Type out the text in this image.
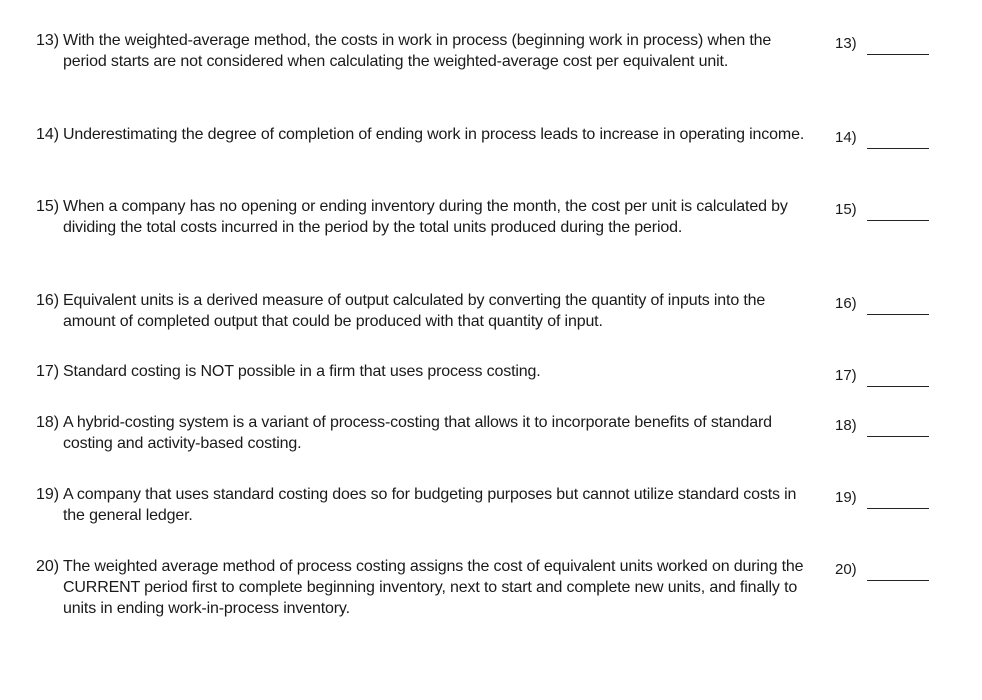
13) With the weighted-average method, the costs in work in process (beginning work in process) when the period starts are not considered when calculating the weighted-average cost per equivalent unit.
13)
14) Underestimating the degree of completion of ending work in process leads to increase in operating income.	14)
15) When a company has no opening or ending inventory during the month, the cost per unit is calculated by dividing the total costs incurred in the period by the total units produced during the period.
15)
16) Equivalent units is a derived measure of output calculated by converting the quantity of inputs into the amount of completed output that could be produced with that quantity of input.
16)
17) Standard costing is NOT possible in a firm that uses process costing.	17)
18) A hybrid-costing system is a variant of process-costing that allows it to incorporate benefits of standard costing and activity-based costing.
18)
19) A company that uses standard costing does so for budgeting purposes but cannot utilize standard costs in the general ledger.
19)
20) The weighted average method of process costing assigns the cost of equivalent units worked on during the CURRENT period first to complete beginning inventory, next to start and complete new units, and finally to units in ending work-in-process inventory.
20)
